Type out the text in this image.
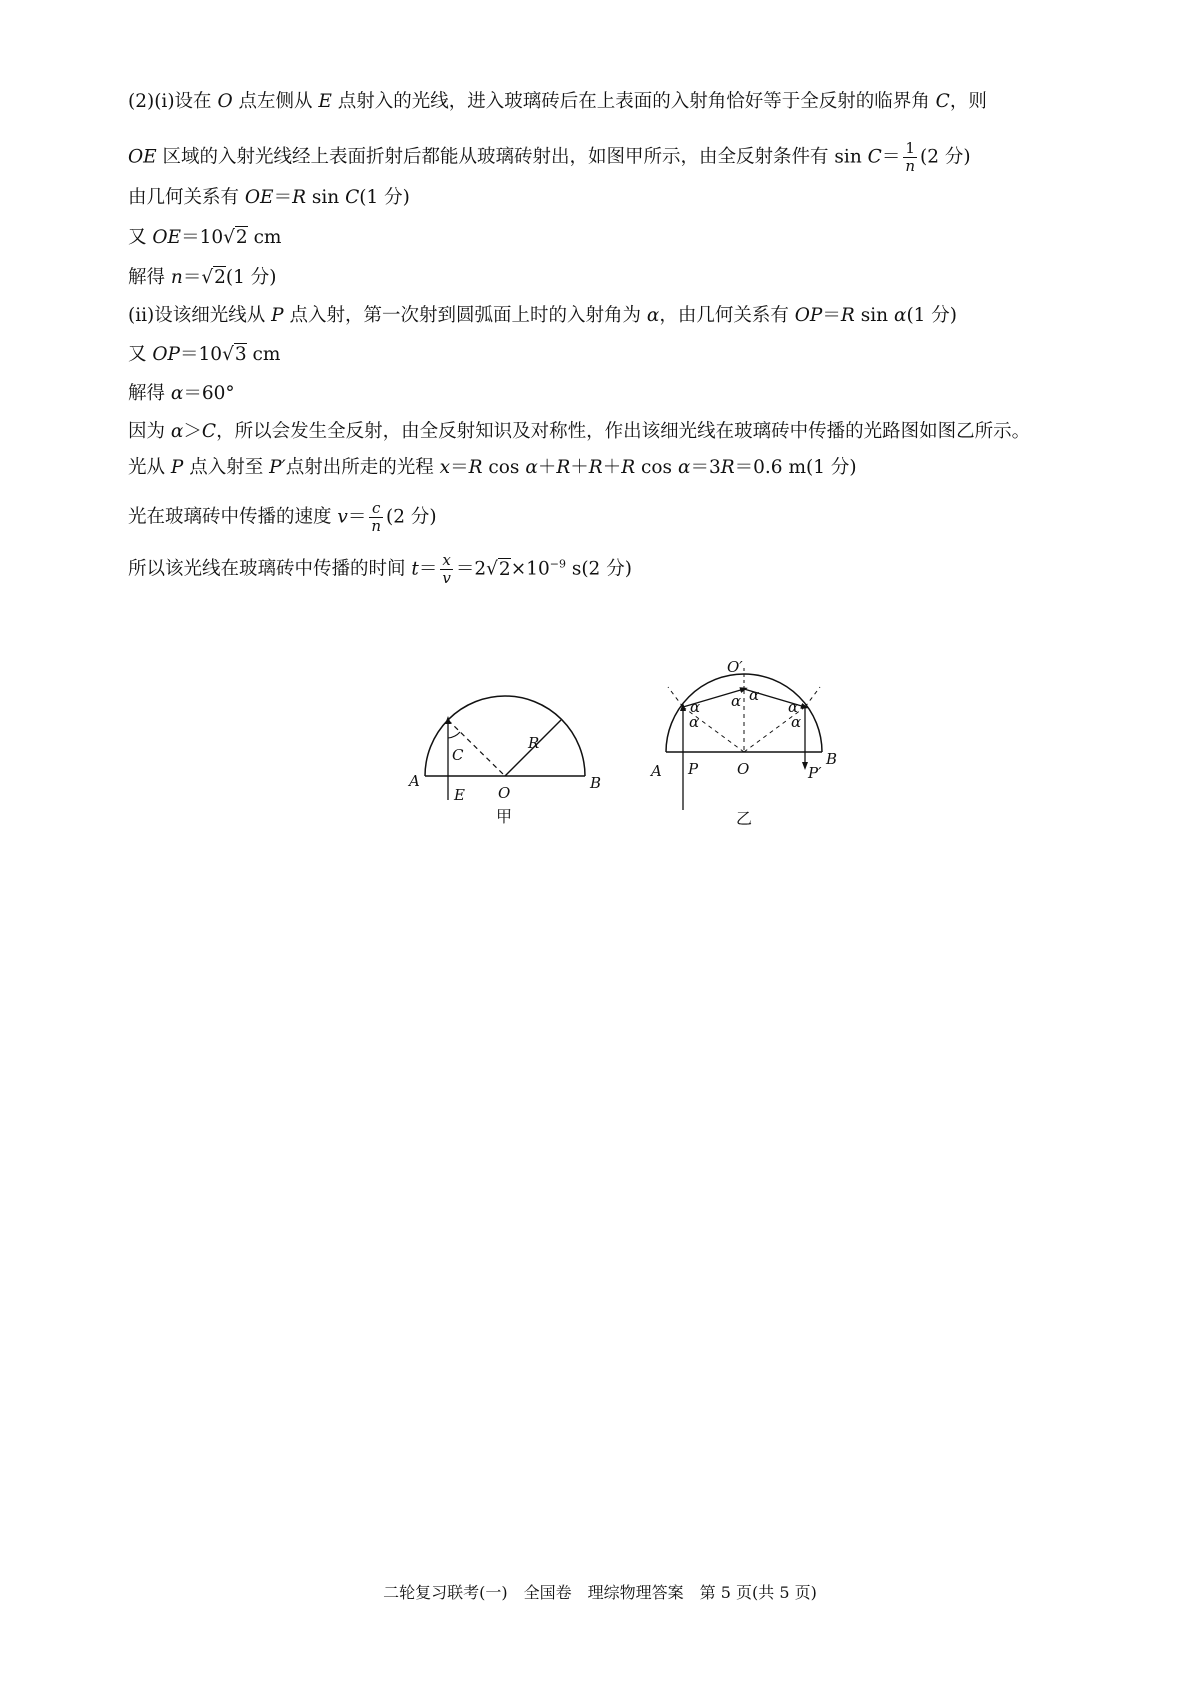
(2)(ⅰ)设在 O 点左侧从 E 点射入的光线，进入玻璃砖后在上表面的入射角恰好等于全反射的临界角 C，则
OE 区域的入射光线经上表面折射后都能从玻璃砖射出，如图甲所示，由全反射条件有 $\sin C= \frac{1}{n} (2$ 分)
由几何关系有 OE＝R sin C(1 分)
又 OE＝10√2 cm
解得 n＝√2(1 分)
(ⅱ)设该细光线从 P 点入射，第一次射到圆弧面上时的入射角为 α，由几何关系有 OP＝R sin α(1 分)
又 OP＝10√3 cm
解得 α＝60°
因为 α＞C，所以会发生全反射，由全反射知识及对称性，作出该细光线在玻璃砖中传播的光路图如图乙所示。
光从 P 点入射至 P′点射出所走的光程 x＝R cos α＋R＋R＋R cos α＝3R＝0.6 m(1 分)
光在玻璃砖中传播的速度 $v= \frac{c}{n} (2$ 分)
所以该光线在玻璃砖中传播的时间 $t= \frac{x}{v} =2√2\times 10^{-9}$ s(2 分)
A	B
O
E
C
R
甲
O′
A
B
O
P	P′
α
α
α α
α
α
乙
二轮复习联考(一)　全国卷　理综物理答案　第 5 页(共 5 页)
